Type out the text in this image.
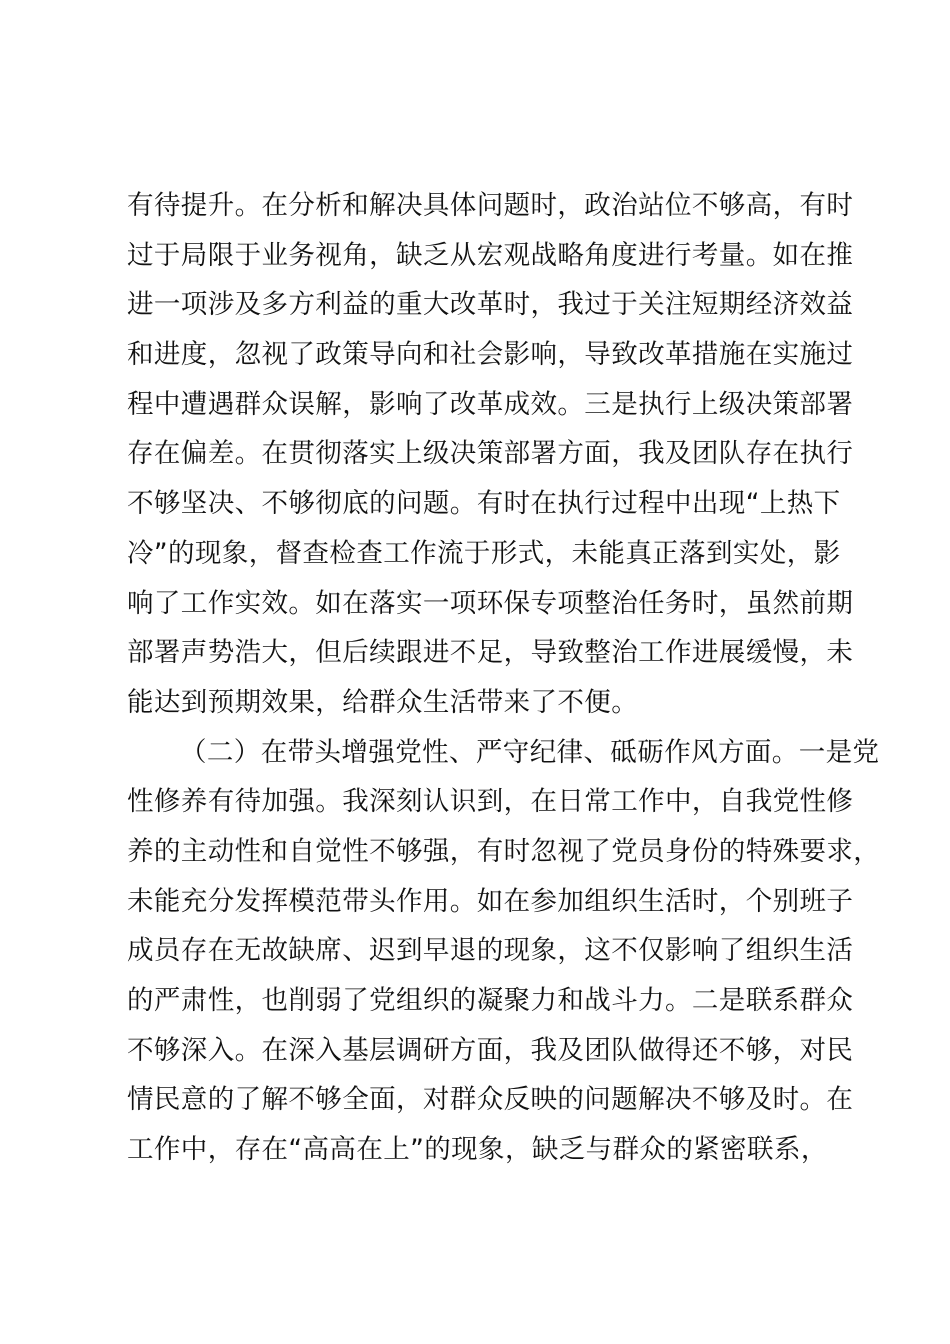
有待提升。在分析和解决具体问题时，政治站位不够高，有时
过于局限于业务视角，缺乏从宏观战略角度进行考量。如在推
进一项涉及多方利益的重大改革时，我过于关注短期经济效益
和进度，忽视了政策导向和社会影响，导致改革措施在实施过
程中遭遇群众误解，影响了改革成效。三是执行上级决策部署
存在偏差。在贯彻落实上级决策部署方面，我及团队存在执行
不够坚决、不够彻底的问题。有时在执行过程中出现“上热下
冷”的现象，督查检查工作流于形式，未能真正落到实处，影
响了工作实效。如在落实一项环保专项整治任务时，虽然前期
部署声势浩大，但后续跟进不足，导致整治工作进展缓慢，未
能达到预期效果，给群众生活带来了不便。
（二）在带头增强党性、严守纪律、砥砺作风方面。一是党
性修养有待加强。我深刻认识到，在日常工作中，自我党性修
养的主动性和自觉性不够强，有时忽视了党员身份的特殊要求，
未能充分发挥模范带头作用。如在参加组织生活时，个别班子
成员存在无故缺席、迟到早退的现象，这不仅影响了组织生活
的严肃性，也削弱了党组织的凝聚力和战斗力。二是联系群众
不够深入。在深入基层调研方面，我及团队做得还不够，对民
情民意的了解不够全面，对群众反映的问题解决不够及时。在
工作中，存在“高高在上”的现象，缺乏与群众的紧密联系，
